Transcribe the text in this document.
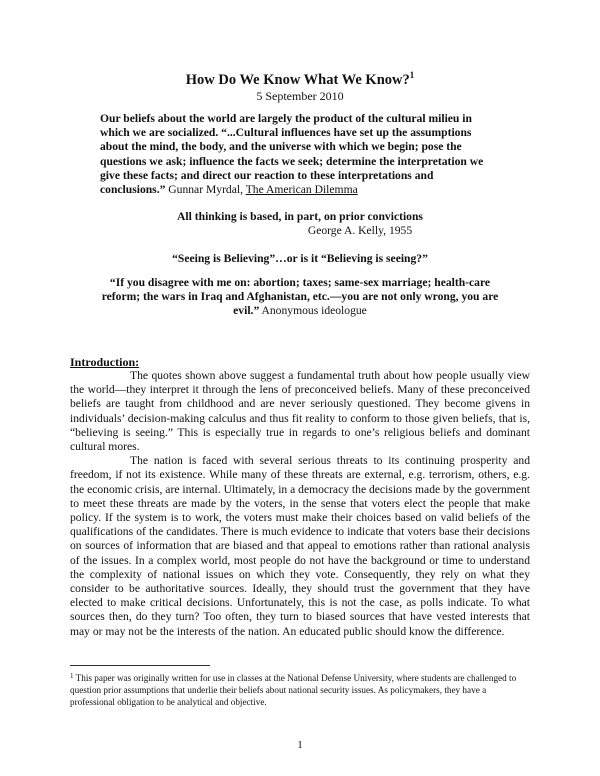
How Do We Know What We Know?$^1$
5 September 2010
Our beliefs about the world are largely the product of the cultural milieu in which we are socialized. “...Cultural influences have set up the assumptions about the mind, the body, and the universe with which we begin; pose the questions we ask; influence the facts we seek; determine the interpretation we give these facts; and direct our reaction to these interpretations and conclusions.” Gunnar Myrdal, The American Dilemma
All thinking is based, in part, on prior convictions
George A. Kelly, 1955
“Seeing is Believing”…or is it “Believing is seeing?”
“If you disagree with me on: abortion; taxes; same-sex marriage; health-care reform; the wars in Iraq and Afghanistan, etc.—you are not only wrong, you are evil.” Anonymous ideologue
Introduction:

The quotes shown above suggest a fundamental truth about how people usually view the world—they interpret it through the lens of preconceived beliefs. Many of these preconceived beliefs are taught from childhood and are never seriously questioned. They become givens in individuals’ decision-making calculus and thus fit reality to conform to those given beliefs, that is, “believing is seeing.” This is especially true in regards to one’s religious beliefs and dominant cultural mores.

The nation is faced with several serious threats to its continuing prosperity and freedom, if not its existence. While many of these threats are external, e.g. terrorism, others, e.g. the economic crisis, are internal. Ultimately, in a democracy the decisions made by the government to meet these threats are made by the voters, in the sense that voters elect the people that make policy. If the system is to work, the voters must make their choices based on valid beliefs of the qualifications of the candidates. There is much evidence to indicate that voters base their decisions on sources of information that are biased and that appeal to emotions rather than rational analysis of the issues. In a complex world, most people do not have the background or time to understand the complexity of national issues on which they vote. Consequently, they rely on what they consider to be authoritative sources. Ideally, they should trust the government that they have elected to make critical decisions. Unfortunately, this is not the case, as polls indicate. To what sources then, do they turn? Too often, they turn to biased sources that have vested interests that may or may not be the interests of the nation. An educated public should know the difference.

$^1$ This paper was originally written for use in classes at the National Defense University, where students are challenged to question prior assumptions that underlie their beliefs about national security issues. As policymakers, they have a professional obligation to be analytical and objective.
1
